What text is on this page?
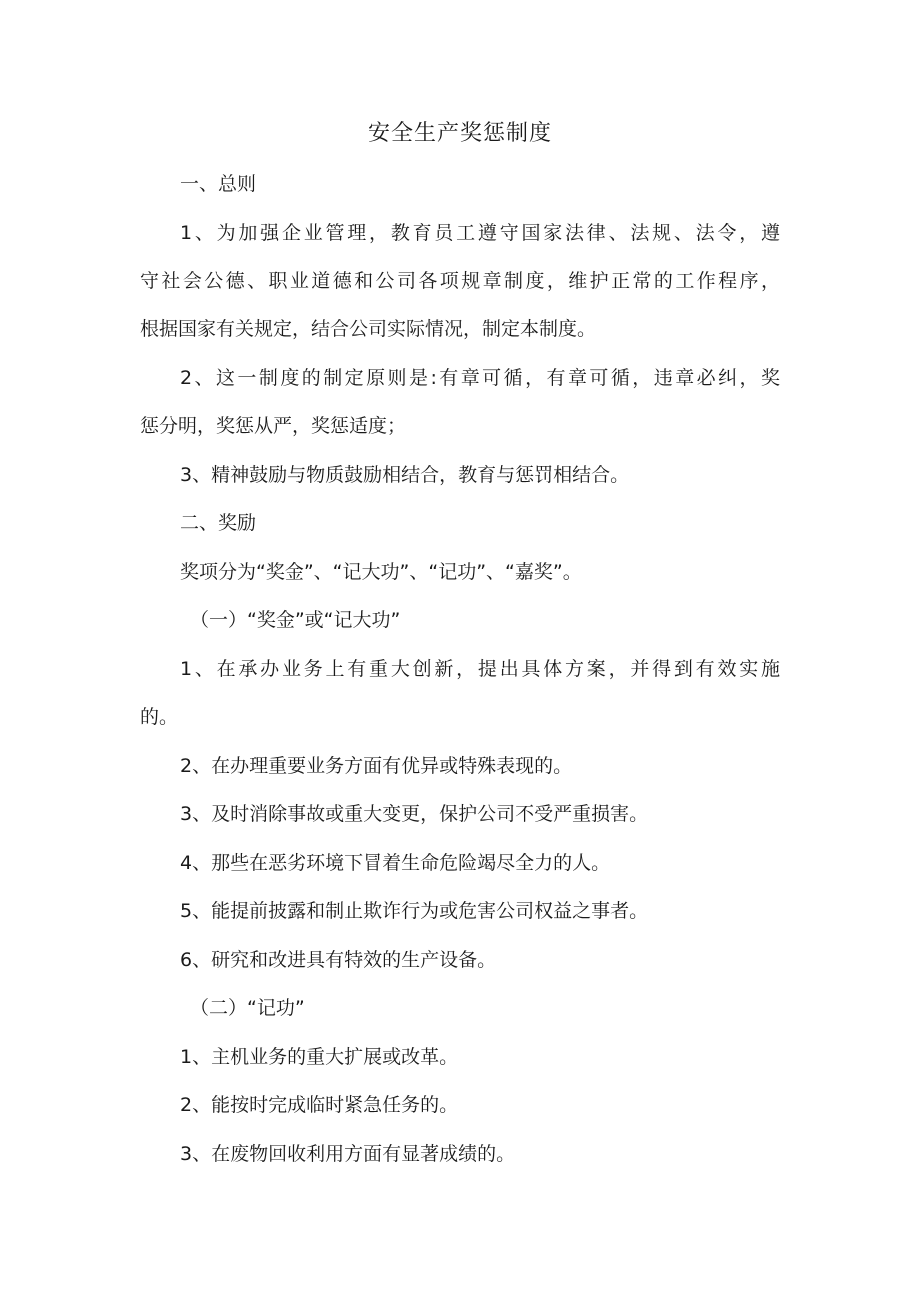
安全生产奖惩制度
一、总则
1、为加强企业管理，教育员工遵守国家法律、法规、法令，遵
守社会公德、职业道德和公司各项规章制度，维护正常的工作程序，
根据国家有关规定，结合公司实际情况，制定本制度。
2、这一制度的制定原则是:有章可循，有章可循，违章必纠，奖
惩分明，奖惩从严，奖惩适度；
3、精神鼓励与物质鼓励相结合，教育与惩罚相结合。
二、奖励
奖项分为“奖金”、“记大功”、“记功”、“嘉奖”。
（一）“奖金”或“记大功”
1、在承办业务上有重大创新，提出具体方案，并得到有效实施
的。
2、在办理重要业务方面有优异或特殊表现的。
3、及时消除事故或重大变更，保护公司不受严重损害。
4、那些在恶劣环境下冒着生命危险竭尽全力的人。
5、能提前披露和制止欺诈行为或危害公司权益之事者。
6、研究和改进具有特效的生产设备。
（二）“记功”
1、主机业务的重大扩展或改革。
2、能按时完成临时紧急任务的。
3、在废物回收利用方面有显著成绩的。
